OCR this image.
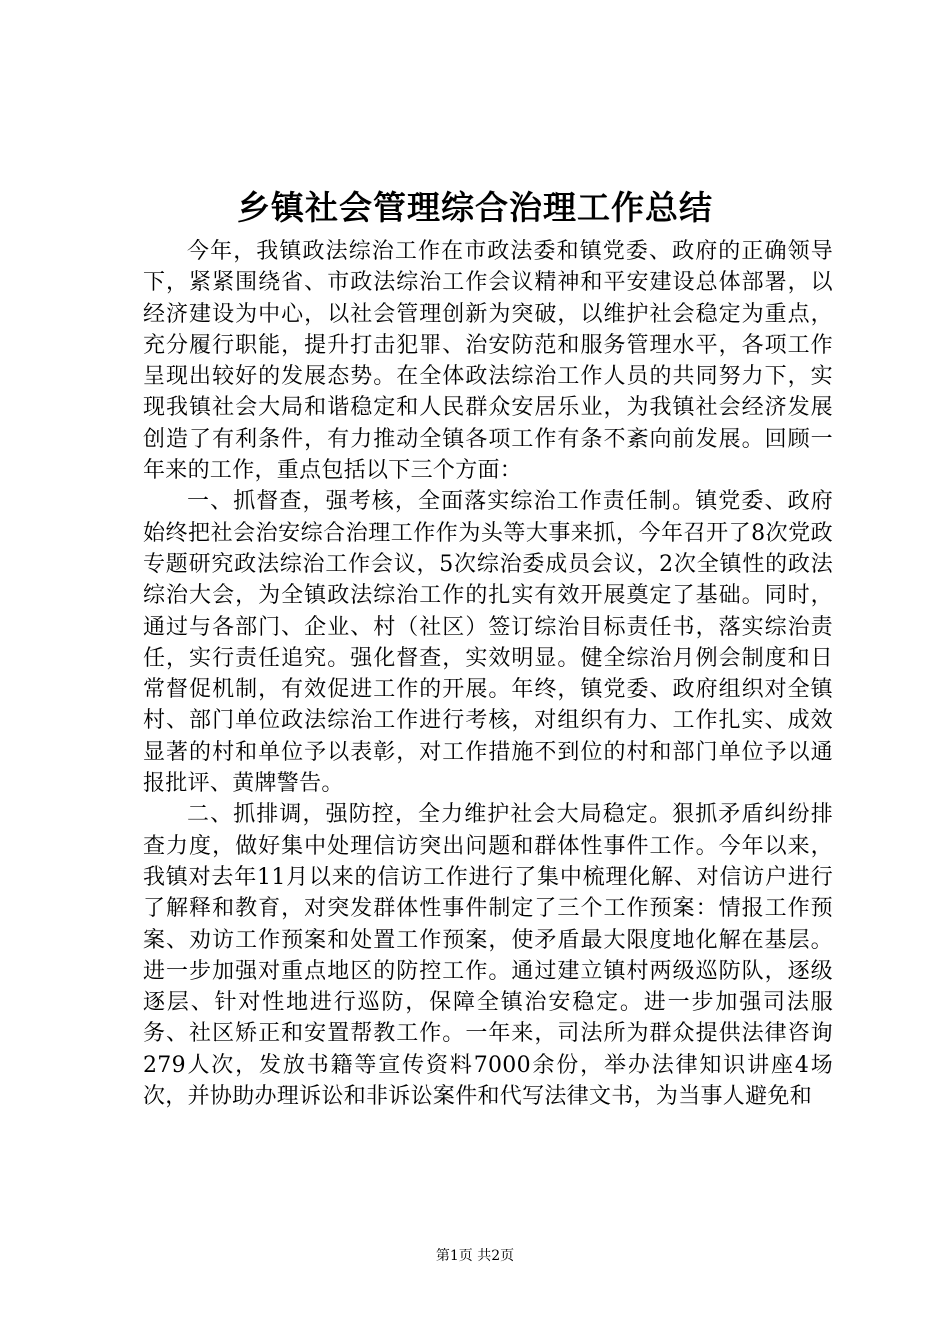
乡镇社会管理综合治理工作总结

今年，我镇政法综治工作在市政法委和镇党委、政府的正确领导下，紧紧围绕省、市政法综治工作会议精神和平安建设总体部署，以经济建设为中心，以社会管理创新为突破，以维护社会稳定为重点，充分履行职能，提升打击犯罪、治安防范和服务管理水平，各项工作呈现出较好的发展态势。在全体政法综治工作人员的共同努力下，实现我镇社会大局和谐稳定和人民群众安居乐业，为我镇社会经济发展创造了有利条件，有力推动全镇各项工作有条不紊向前发展。回顾一年来的工作，重点包括以下三个方面：

一、抓督查，强考核，全面落实综治工作责任制。镇党委、政府始终把社会治安综合治理工作作为头等大事来抓，今年召开了8次党政专题研究政法综治工作会议，5次综治委成员会议，2次全镇性的政法综治大会，为全镇政法综治工作的扎实有效开展奠定了基础。同时，通过与各部门、企业、村（社区）签订综治目标责任书，落实综治责任，实行责任追究。强化督查，实效明显。健全综治月例会制度和日常督促机制，有效促进工作的开展。年终，镇党委、政府组织对全镇村、部门单位政法综治工作进行考核，对组织有力、工作扎实、成效显著的村和单位予以表彰，对工作措施不到位的村和部门单位予以通报批评、黄牌警告。

二、抓排调，强防控，全力维护社会大局稳定。狠抓矛盾纠纷排查力度，做好集中处理信访突出问题和群体性事件工作。今年以来，我镇对去年11月以来的信访工作进行了集中梳理化解、对信访户进行了解释和教育，对突发群体性事件制定了三个工作预案：情报工作预案、劝访工作预案和处置工作预案，使矛盾最大限度地化解在基层。进一步加强对重点地区的防控工作。通过建立镇村两级巡防队，逐级逐层、针对性地进行巡防，保障全镇治安稳定。进一步加强司法服务、社区矫正和安置帮教工作。一年来，司法所为群众提供法律咨询279人次，发放书籍等宣传资料7000余份，举办法律知识讲座4场次，并协助办理诉讼和非诉讼案件和代写法律文书，为当事人避免和

第1页 共2页
